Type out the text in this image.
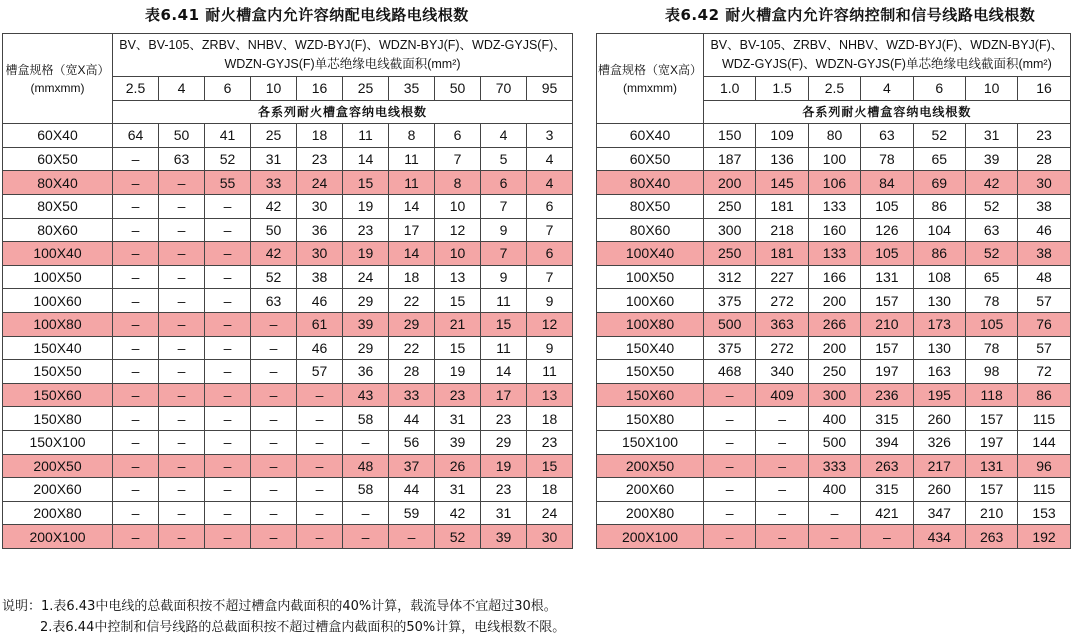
表6.41 耐火槽盒内允许容纳配电线路电线根数	表6.42 耐火槽盒内允许容纳控制和信号线路电线根数
槽盒规格（宽X高）(mmxmm)	BV、BV-105、ZRBV、NHBV、WZD-BYJ(F)、WDZN-BYJ(F)、WDZ-GYJS(F)、WDZN-GYJS(F)单芯绝缘电线截面积(mm²)									
	2.5	4	6	10	16	25	35	50	70	95
	各系列耐火槽盒容纳电线根数									
60X40	64	50	41	25	18	11	8	6	4	3
60X50	–	63	52	31	23	14	11	7	5	4
80X40	–	–	55	33	24	15	11	8	6	4
80X50	–	–	–	42	30	19	14	10	7	6
80X60	–	–	–	50	36	23	17	12	9	7
100X40	–	–	–	42	30	19	14	10	7	6
100X50	–	–	–	52	38	24	18	13	9	7
100X60	–	–	–	63	46	29	22	15	11	9
100X80	–	–	–	–	61	39	29	21	15	12
150X40	–	–	–	–	46	29	22	15	11	9
150X50	–	–	–	–	57	36	28	19	14	11
150X60	–	–	–	–	–	43	33	23	17	13
150X80	–	–	–	–	–	58	44	31	23	18
150X100	–	–	–	–	–	–	56	39	29	23
200X50	–	–	–	–	–	48	37	26	19	15
200X60	–	–	–	–	–	58	44	31	23	18
200X80	–	–	–	–	–	–	59	42	31	24
200X100	–	–	–	–	–	–	–	52	39	30
槽盒规格（宽X高）(mmxmm)	BV、BV-105、ZRBV、NHBV、WZD-BYJ(F)、WDZN-BYJ(F)、WDZ-GYJS(F)、WDZN-GYJS(F)单芯绝缘电线截面积(mm²)						
	1.0	1.5	2.5	4	6	10	16
	各系列耐火槽盒容纳电线根数						
60X40	150	109	80	63	52	31	23
60X50	187	136	100	78	65	39	28
80X40	200	145	106	84	69	42	30
80X50	250	181	133	105	86	52	38
80X60	300	218	160	126	104	63	46
100X40	250	181	133	105	86	52	38
100X50	312	227	166	131	108	65	48
100X60	375	272	200	157	130	78	57
100X80	500	363	266	210	173	105	76
150X40	375	272	200	157	130	78	57
150X50	468	340	250	197	163	98	72
150X60	–	409	300	236	195	118	86
150X80	–	–	400	315	260	157	115
150X100	–	–	500	394	326	197	144
200X50	–	–	333	263	217	131	96
200X60	–	–	400	315	260	157	115
200X80	–	–	–	421	347	210	153
200X100	–	–	–	–	434	263	192
说明：1.表6.43中电线的总截面积按不超过槽盒内截面积的40%计算，载流导体不宜超过30根。
2.表6.44中控制和信号线路的总截面积按不超过槽盒内截面积的50%计算，电线根数不限。
